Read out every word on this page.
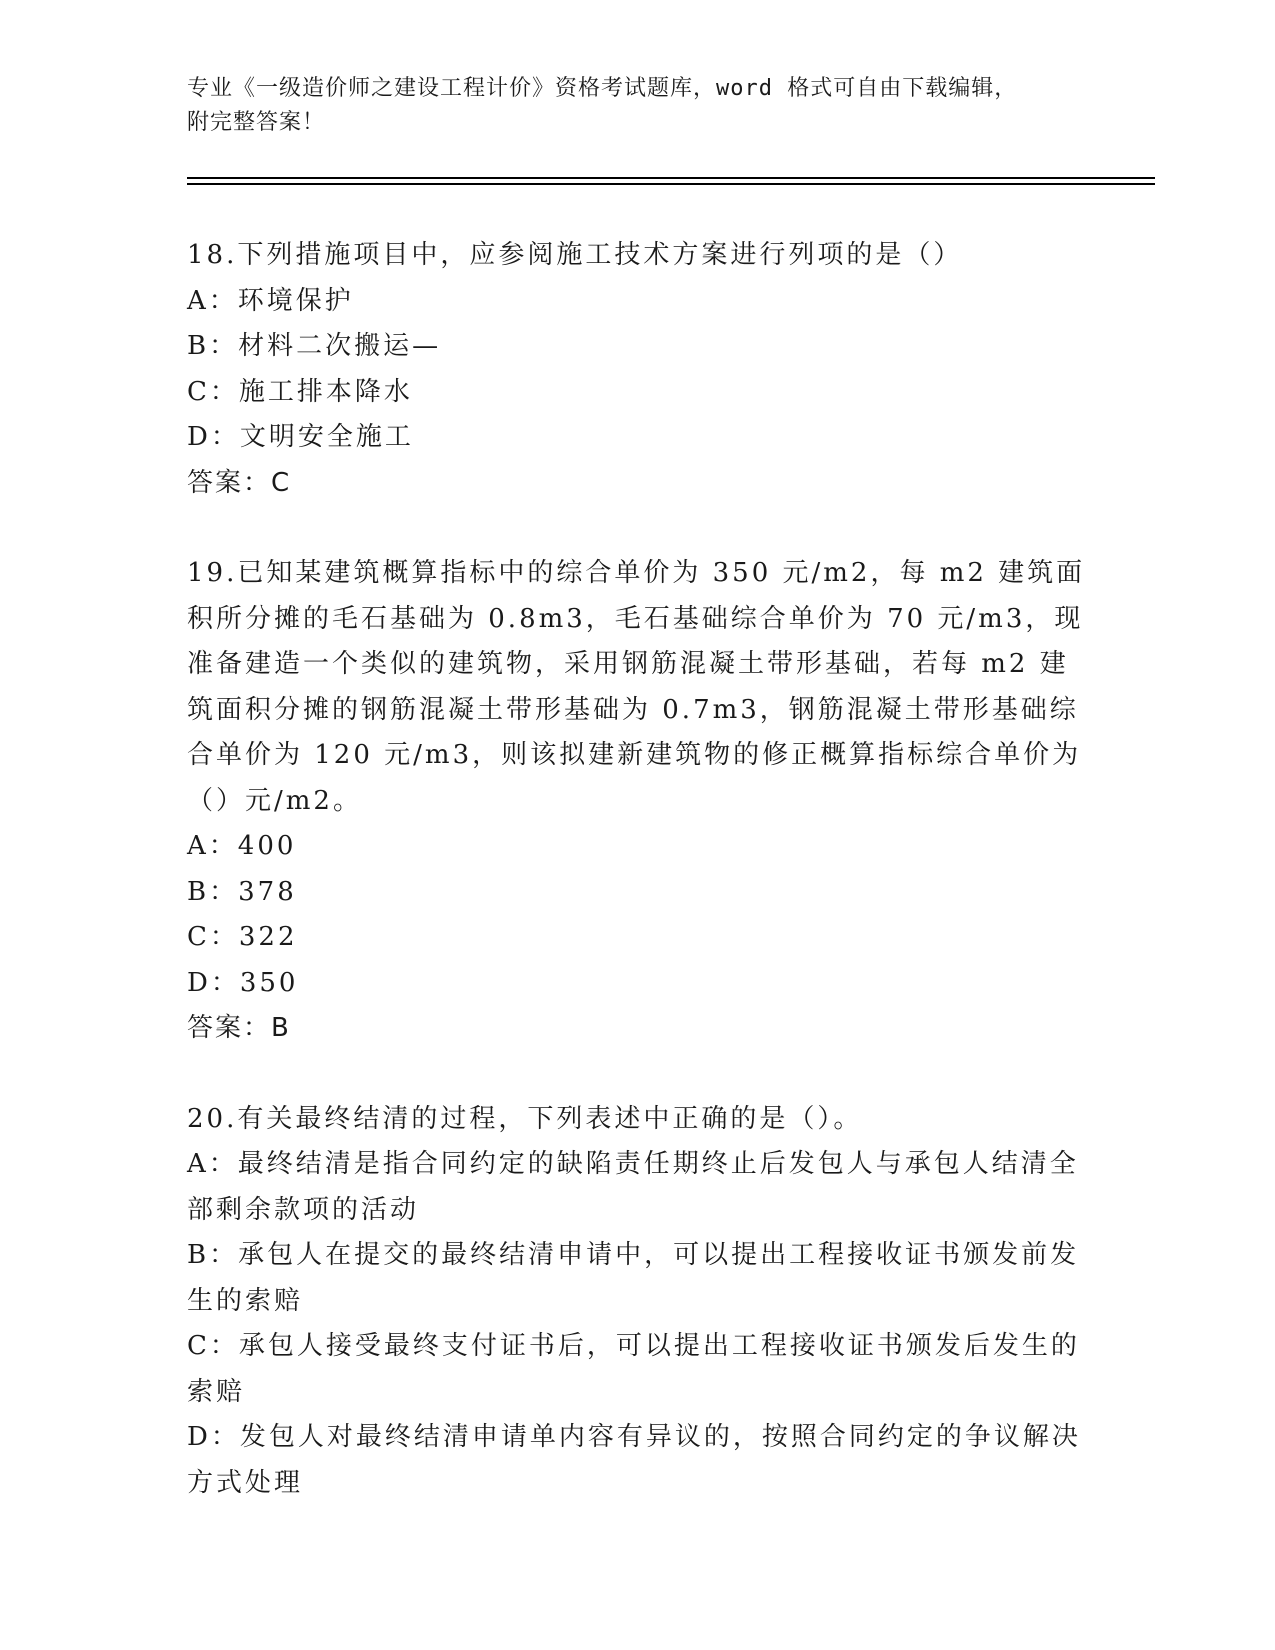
专业《一级造价师之建设工程计价》资格考试题库，word 格式可自由下载编辑，
附完整答案！

18.下列措施项目中，应参阅施工技术方案进行列项的是（）

A：环境保护

B：材料二次搬运—

C：施工排本降水

D：文明安全施工

答案：C

19.已知某建筑概算指标中的综合单价为 350 元/m2，每 m2 建筑面积所分摊的毛石基础为 0.8m3，毛石基础综合单价为 70 元/m3，现准备建造一个类似的建筑物，采用钢筋混凝土带形基础，若每 m2 建筑面积分摊的钢筋混凝土带形基础为 0.7m3，钢筋混凝土带形基础综合单价为 120 元/m3，则该拟建新建筑物的修正概算指标综合单价为（）元/m2。

A：400

B：378

C：322

D：350

答案：B

20.有关最终结清的过程，下列表述中正确的是（）。

A：最终结清是指合同约定的缺陷责任期终止后发包人与承包人结清全部剩余款项的活动

B：承包人在提交的最终结清申请中，可以提出工程接收证书颁发前发生的索赔

C：承包人接受最终支付证书后，可以提出工程接收证书颁发后发生的索赔

D：发包人对最终结清申请单内容有异议的，按照合同约定的争议解决方式处理
